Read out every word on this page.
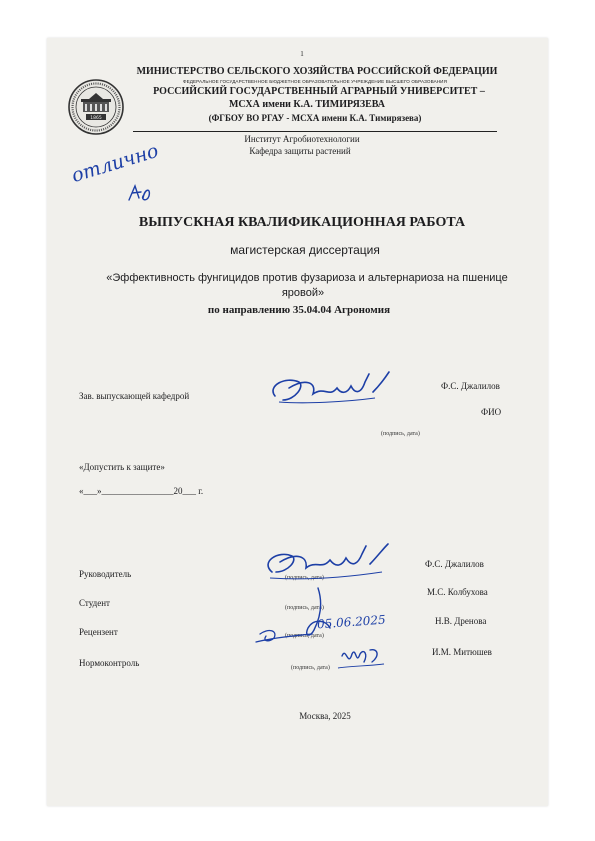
1
1865
МИНИСТЕРСТВО СЕЛЬСКОГО ХОЗЯЙСТВА РОССИЙСКОЙ ФЕДЕРАЦИИ
ФЕДЕРАЛЬНОЕ ГОСУДАРСТВЕННОЕ БЮДЖЕТНОЕ ОБРАЗОВАТЕЛЬНОЕ УЧРЕЖДЕНИЕ ВЫСШЕГО ОБРАЗОВАНИЯ
РОССИЙСКИЙ ГОСУДАРСТВЕННЫЙ АГРАРНЫЙ УНИВЕРСИТЕТ –
МСХА имени К.А. ТИМИРЯЗЕВА
(ФГБОУ ВО РГАУ - МСХА имени К.А. Тимирязева)
Институт Агробиотехнологии
Кафедра защиты растений
отлично
ВЫПУСКНАЯ КВАЛИФИКАЦИОННАЯ РАБОТА
магистерская диссертация
«Эффективность фунгицидов против фузариоза и альтернариоза на пшенице
яровой»
по направлению 35.04.04 Агрономия
Зав. выпускающей кафедрой
Ф.С. Джалилов
ФИО
(подпись, дата)
«Допустить к защите»
«___»________________20___ г.
Руководитель
Ф.С. Джалилов
(подпись, дата)
Студент
М.С. Колбухова
(подпись, дата)
Рецензент
Н.В. Дренова
(подпись, дата)
05.06.2025
Нормоконтроль
И.М. Митюшев
(подпись, дата)
Москва, 2025
